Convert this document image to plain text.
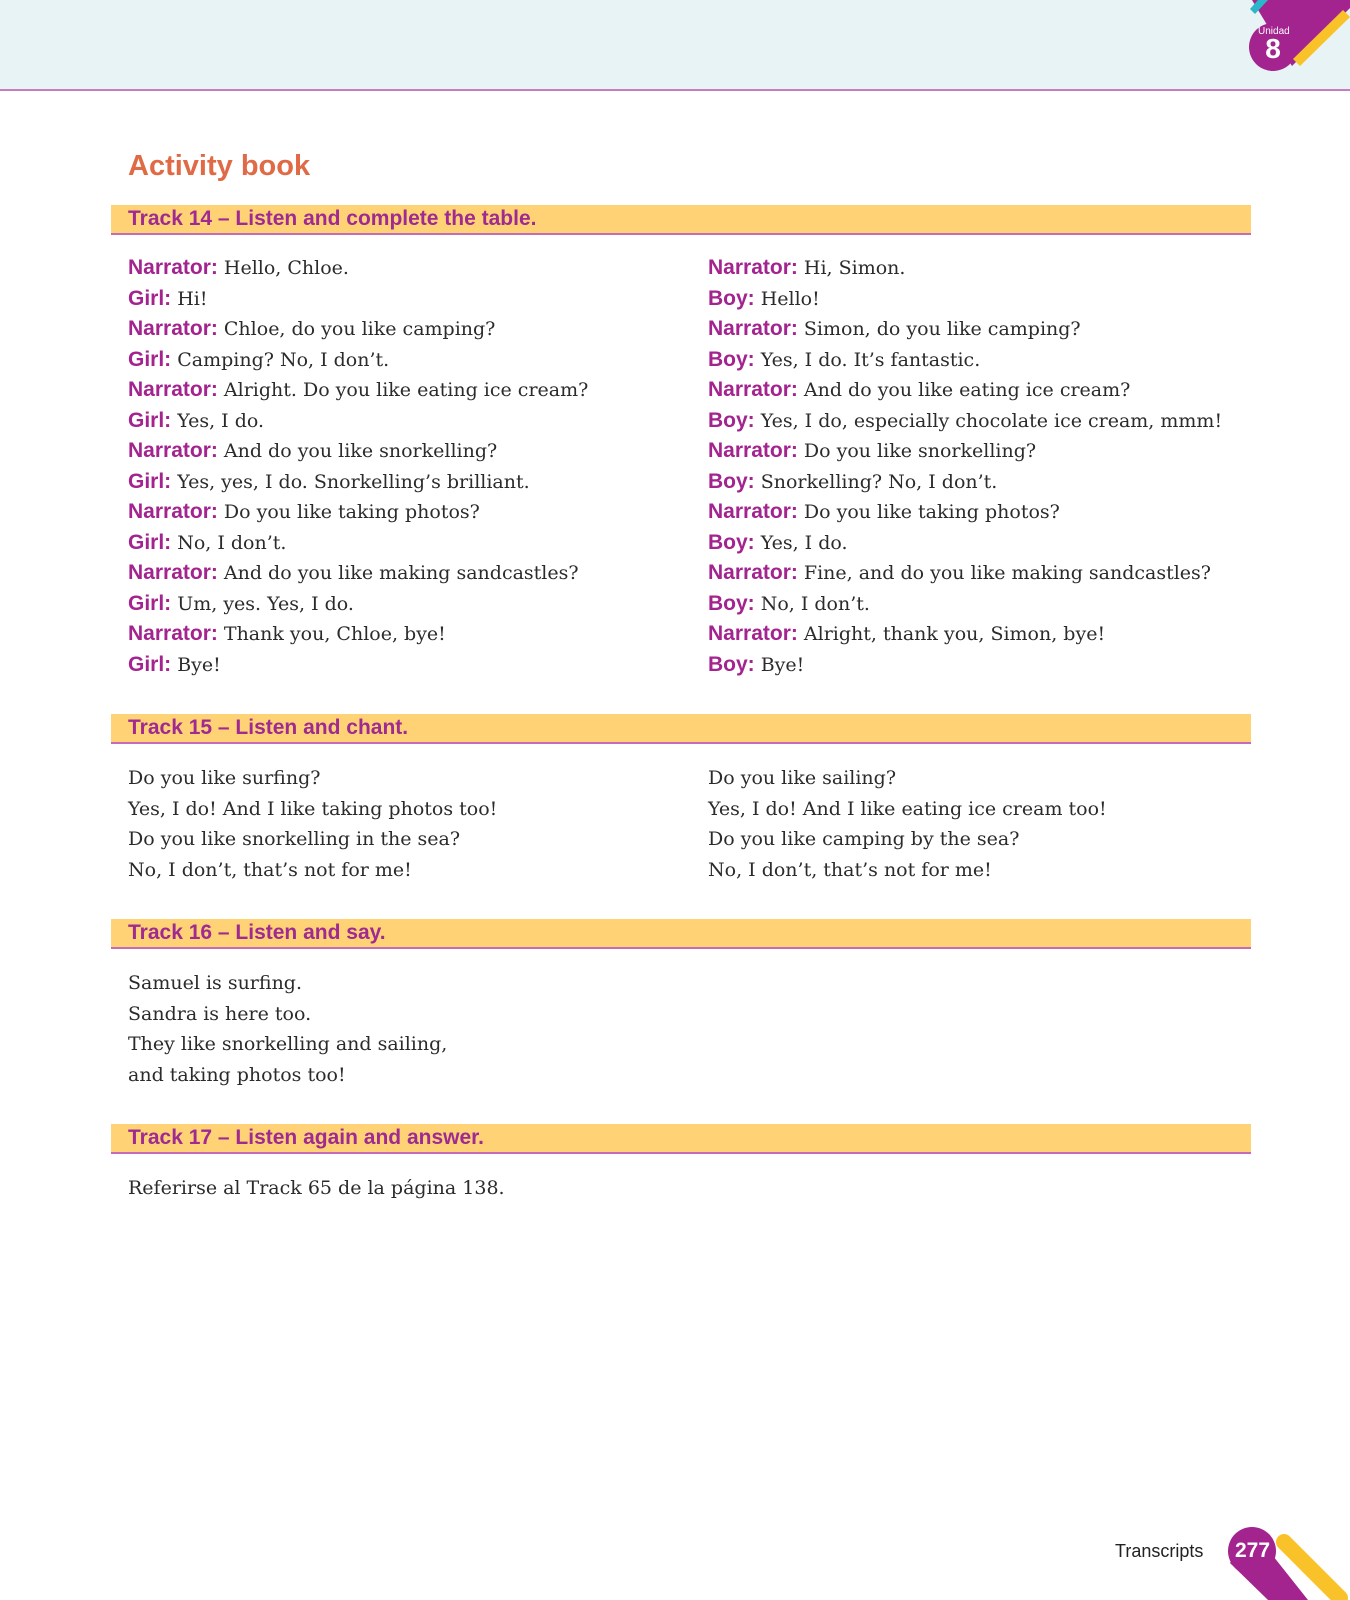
Unidad
8
Activity book
Track 14 – Listen and complete the table.
Narrator: Hello, Chloe.
Girl: Hi!
Narrator: Chloe, do you like camping?
Girl: Camping? No, I don’t.
Narrator: Alright. Do you like eating ice cream?
Girl: Yes, I do.
Narrator: And do you like snorkelling?
Girl: Yes, yes, I do. Snorkelling’s brilliant.
Narrator: Do you like taking photos?
Girl: No, I don’t.
Narrator: And do you like making sandcastles?
Girl: Um, yes. Yes, I do.
Narrator: Thank you, Chloe, bye!
Girl: Bye!
Narrator: Hi, Simon.
Boy: Hello!
Narrator: Simon, do you like camping?
Boy: Yes, I do. It’s fantastic.
Narrator: And do you like eating ice cream?
Boy: Yes, I do, especially chocolate ice cream, mmm!
Narrator: Do you like snorkelling?
Boy: Snorkelling? No, I don’t.
Narrator: Do you like taking photos?
Boy: Yes, I do.
Narrator: Fine, and do you like making sandcastles?
Boy: No, I don’t.
Narrator: Alright, thank you, Simon, bye!
Boy: Bye!
Track 15 – Listen and chant.
Do you like surfing?
Yes, I do! And I like taking photos too!
Do you like snorkelling in the sea?
No, I don’t, that’s not for me!
Do you like sailing?
Yes, I do! And I like eating ice cream too!
Do you like camping by the sea?
No, I don’t, that’s not for me!
Track 16 – Listen and say.
Samuel is surfing.
Sandra is here too.
They like snorkelling and sailing,
and taking photos too!
Track 17 – Listen again and answer.
Referirse al Track 65 de la página 138.
Transcripts 277
